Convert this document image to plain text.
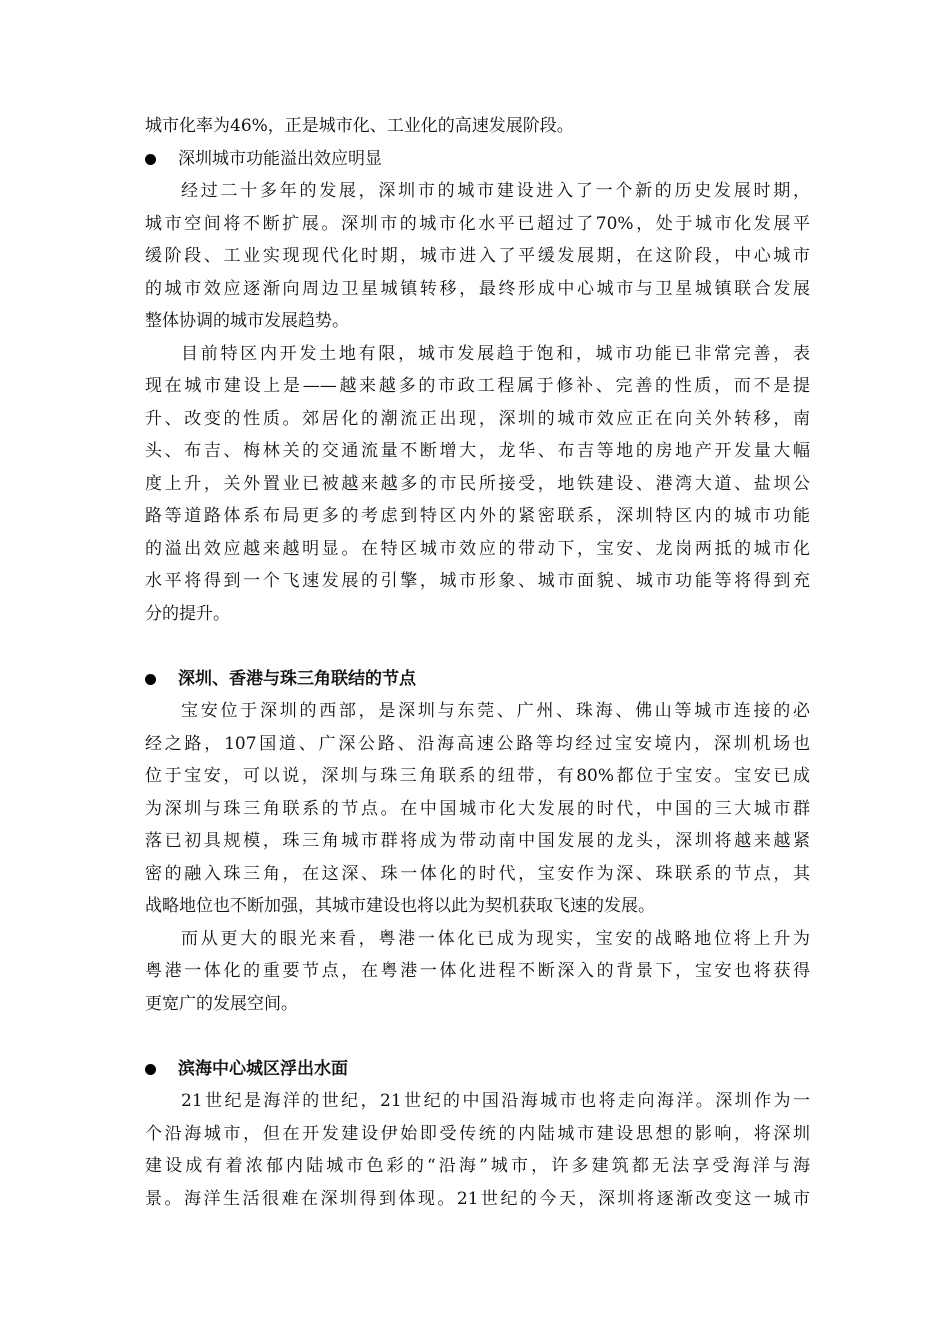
城市化率为46%，正是城市化、工业化的高速发展阶段。
深圳城市功能溢出效应明显
经过二十多年的发展，深圳市的城市建设进入了一个新的历史发展时期，
城市空间将不断扩展。深圳市的城市化水平已超过了70%，处于城市化发展平
缓阶段、工业实现现代化时期，城市进入了平缓发展期，在这阶段，中心城市
的城市效应逐渐向周边卫星城镇转移，最终形成中心城市与卫星城镇联合发展
整体协调的城市发展趋势。
目前特区内开发土地有限，城市发展趋于饱和，城市功能已非常完善，表
现在城市建设上是——越来越多的市政工程属于修补、完善的性质，而不是提
升、改变的性质。郊居化的潮流正出现，深圳的城市效应正在向关外转移，南
头、布吉、梅林关的交通流量不断增大，龙华、布吉等地的房地产开发量大幅
度上升，关外置业已被越来越多的市民所接受，地铁建设、港湾大道、盐坝公
路等道路体系布局更多的考虑到特区内外的紧密联系，深圳特区内的城市功能
的溢出效应越来越明显。在特区城市效应的带动下，宝安、龙岗两抵的城市化
水平将得到一个飞速发展的引擎，城市形象、城市面貌、城市功能等将得到充
分的提升。
深圳、香港与珠三角联结的节点
宝安位于深圳的西部，是深圳与东莞、广州、珠海、佛山等城市连接的必
经之路，107国道、广深公路、沿海高速公路等均经过宝安境内，深圳机场也
位于宝安，可以说，深圳与珠三角联系的纽带，有80%都位于宝安。宝安已成
为深圳与珠三角联系的节点。在中国城市化大发展的时代，中国的三大城市群
落已初具规模，珠三角城市群将成为带动南中国发展的龙头，深圳将越来越紧
密的融入珠三角，在这深、珠一体化的时代，宝安作为深、珠联系的节点，其
战略地位也不断加强，其城市建设也将以此为契机获取飞速的发展。
而从更大的眼光来看，粤港一体化已成为现实，宝安的战略地位将上升为
粤港一体化的重要节点，在粤港一体化进程不断深入的背景下，宝安也将获得
更宽广的发展空间。
滨海中心城区浮出水面
21世纪是海洋的世纪，21世纪的中国沿海城市也将走向海洋。深圳作为一
个沿海城市，但在开发建设伊始即受传统的内陆城市建设思想的影响，将深圳
建设成有着浓郁内陆城市色彩的“沿海”城市，许多建筑都无法享受海洋与海
景。海洋生活很难在深圳得到体现。21世纪的今天，深圳将逐渐改变这一城市
